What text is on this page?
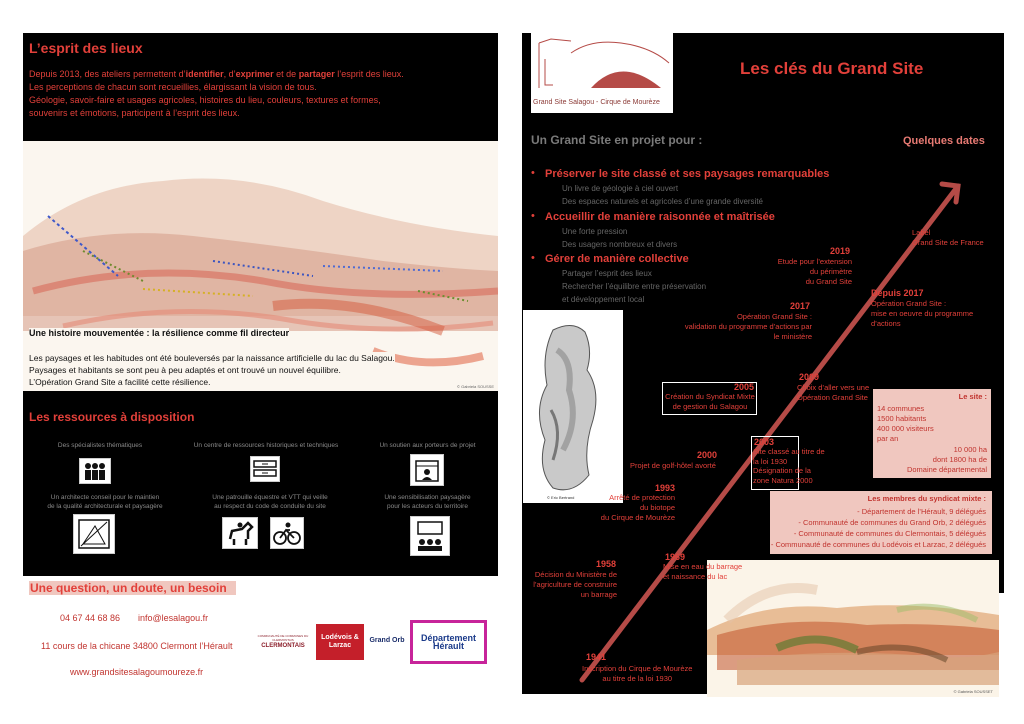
L’esprit des lieux

Depuis 2013, des ateliers permettent d’identifier, d’exprimer et de partager l’esprit des lieux.

Les perceptions de chacun sont recueillies, élargissant la vision de tous.

Géologie, savoir-faire et usages agricoles, histoires du lieu, couleurs, textures et formes,

souvenirs et émotions, participent à l’esprit des lieux.

© Gabriela SOUSSE
Une histoire mouvementée : la résilience comme fil directeur
Les paysages et les habitudes ont été bouleversés par la naissance artificielle du lac du Salagou.
Paysages et habitants se sont peu à peu adaptés et ont trouvé un nouvel équilibre.
L’Opération Grand Site a facilité cette résilience.
Les ressources à disposition
Des spécialistes thématiques	Un centre de ressources historiques et techniques	Un soutien aux porteurs de projet
Un architecte conseil pour le maintien
de la qualité architecturale et paysagère
Une patrouille équestre et VTT qui veille
au respect du code de conduite du site
Une sensibilisation paysagère
pour les acteurs du territoire
Une question, un doute, un besoin
04 67 44 68 86 info@lesalagou.fr
11 cours de la chicane 34800 Clermont l’Hérault
www.grandsitesalagoumoureze.fr
COMMUNAUTÉ DE COMMUNES DU CLERMONTAIS
CLERMONTAIS
Lodévois & Larzac
Grand Orb	Département Hérault
Grand Site Salagou - Cirque de Mourèze
Les clés du Grand Site
Un Grand Site en projet pour :	Quelques dates
• Préserver le site classé et ses paysages remarquables
Un livre de géologie à ciel ouvert
Des espaces naturels et agricoles d’une grande diversité
• Accueillir de manière raisonnée et maîtrisée
Une forte pression
Des usagers nombreux et divers
• Gérer de manière collective
Partager l’esprit des lieux
Rechercher l’équilibre entre préservation
et développement local
© Eric Bertrand
© Gabriela SOUSSET
1941
Inscription du Cirque de Mourèze
au titre de la loi 1930
1958
Décision du Ministère de
l’agriculture de construire
un barrage
1969
Mise en eau du barrage
et naissance du lac
1993
Arrêté de protection
du biotope
du Cirque de Mourèze
2000
Projet de golf-hôtel avorté
2003
Site classé au titre de
la loi 1930
Désignation de la
zone Natura 2000
2005
Création du Syndicat Mixte
de gestion du Salagou
2009
Choix d’aller vers une
Opération Grand Site
2017
Opération Grand Site :
validation du programme d’actions par
le ministère
Depuis 2017
Opération Grand Site :
mise en oeuvre du programme
d’actions
2019
Etude pour l’extension
du périmètre
du Grand Site
Label
Grand Site de France
Le site :
14 communes
1500 habitants
400 000 visiteurs
par an
10 000 ha
dont 1800 ha de
Domaine départemental
Les membres du syndicat mixte :
- Département de l’Hérault, 9 délégués
- Communauté de communes du Grand Orb, 2 délégués
- Communauté de communes du Clermontais, 5 délégués
- Communauté de communes du Lodévois et Larzac, 2 délégués
